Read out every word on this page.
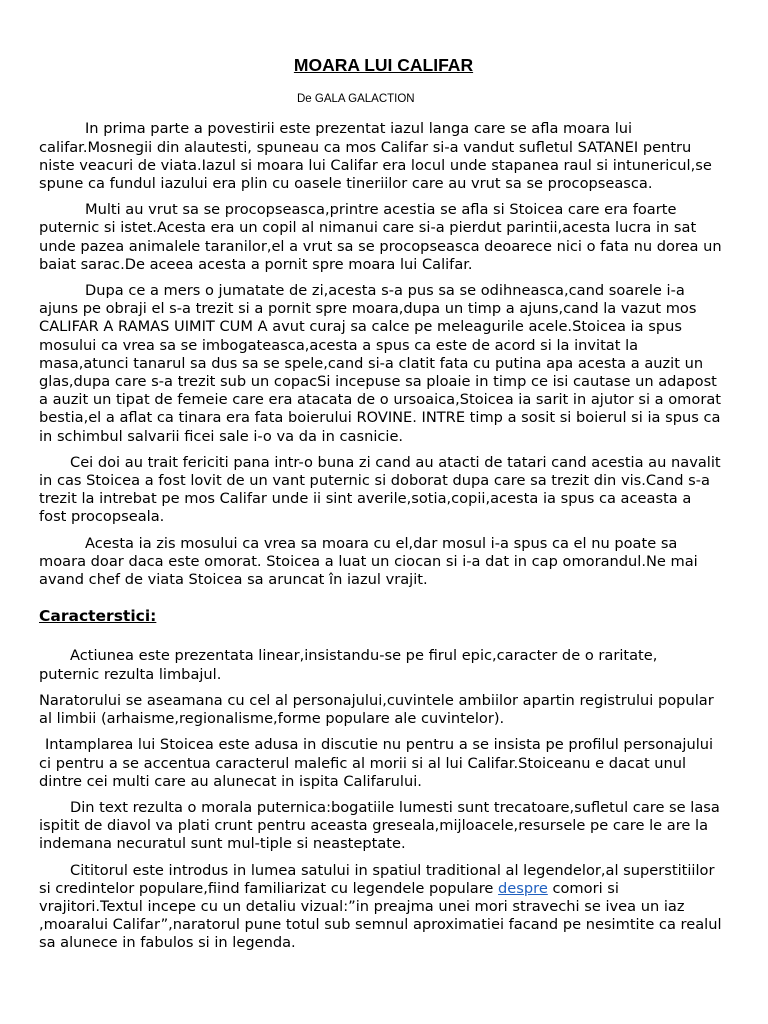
MOARA LUI CALIFAR
De GALA GALACTION

In prima parte a povestirii este prezentat iazul langa care se afla moara lui califar.Mosnegii din alautesti, spuneau ca mos Califar si-a vandut sufletul SATANEI pentru niste veacuri de viata.Iazul si moara lui Califar era locul unde stapanea raul si intunericul,se spune ca fundul iazului era plin cu oasele tineriilor care au vrut sa se procopseasca.

Multi au vrut sa se procopseasca,printre acestia se afla si Stoicea care era foarte puternic si istet.Acesta era un copil al nimanui care si-a pierdut parintii,acesta lucra in sat unde pazea animalele taranilor,el a vrut sa se procopseasca deoarece nici o fata nu dorea un baiat sarac.De aceea acesta a pornit spre moara lui Califar.

Dupa ce a mers o jumatate de zi,acesta s-a pus sa se odihneasca,cand soarele i-a ajuns pe obraji el s-a trezit si a pornit spre moara,dupa un timp a ajuns,cand la vazut mos CALIFAR A RAMAS UIMIT CUM A avut curaj sa calce pe meleagurile acele.Stoicea ia spus mosului ca vrea sa se imbogateasca,acesta a spus ca este de acord si la invitat la masa,atunci tanarul sa dus sa se spele,cand si-a clatit fata cu putina apa acesta a auzit un glas,dupa care s-a trezit sub un copacSi incepuse sa ploaie in timp ce isi cautase un adapost a auzit un tipat de femeie care era atacata de o ursoaica,Stoicea ia sarit in ajutor si a omorat bestia,el a aflat ca tinara era fata boierului ROVINE. INTRE timp a sosit si boierul si ia spus ca in schimbul salvarii ficei sale i-o va da in casnicie.

Cei doi au trait fericiti pana intr-o buna zi cand au atacti de tatari cand acestia au navalit in cas Stoicea a fost lovit de un vant puternic si doborat dupa care sa trezit din vis.Cand s-a trezit la intrebat pe mos Califar unde ii sint averile,sotia,copii,acesta ia spus ca aceasta a fost procopseala.

Acesta ia zis mosului ca vrea sa moara cu el,dar mosul i-a spus ca el nu poate sa moara doar daca este omorat. Stoicea a luat un ciocan si i-a dat in cap omorandul.Ne mai avand chef de viata Stoicea sa aruncat în iazul vrajit.

Caracterstici:

Actiunea este prezentata linear,insistandu-se pe firul epic,caracter de o raritate, puternic rezulta limbajul.

Naratorului se aseamana cu cel al personajului,cuvintele ambiilor apartin registrului popular al limbii (arhaisme,regionalisme,forme populare ale cuvintelor).

Intamplarea lui Stoicea este adusa in discutie nu pentru a se insista pe profilul personajului ci pentru a se accentua caracterul malefic al morii si al lui Califar.Stoiceanu e dacat unul dintre cei multi care au alunecat in ispita Califarului.

Din text rezulta o morala puternica:bogatiile lumesti sunt trecatoare,sufletul care se lasa ispitit de diavol va plati crunt pentru aceasta greseala,mijloacele,resursele pe care le are la indemana necuratul sunt mul-tiple si neasteptate.

Cititorul este introdus in lumea satului in spatiul traditional al legendelor,al superstitiilor si credintelor populare,fiind familiarizat cu legendele populare despre comori si vrajitori.Textul incepe cu un detaliu vizual:”in preajma unei mori stravechi se ivea un iaz ,moaralui Califar”,naratorul pune totul sub semnul aproximatiei facand pe nesimtite ca realul sa alunece in fabulos si in legenda.
